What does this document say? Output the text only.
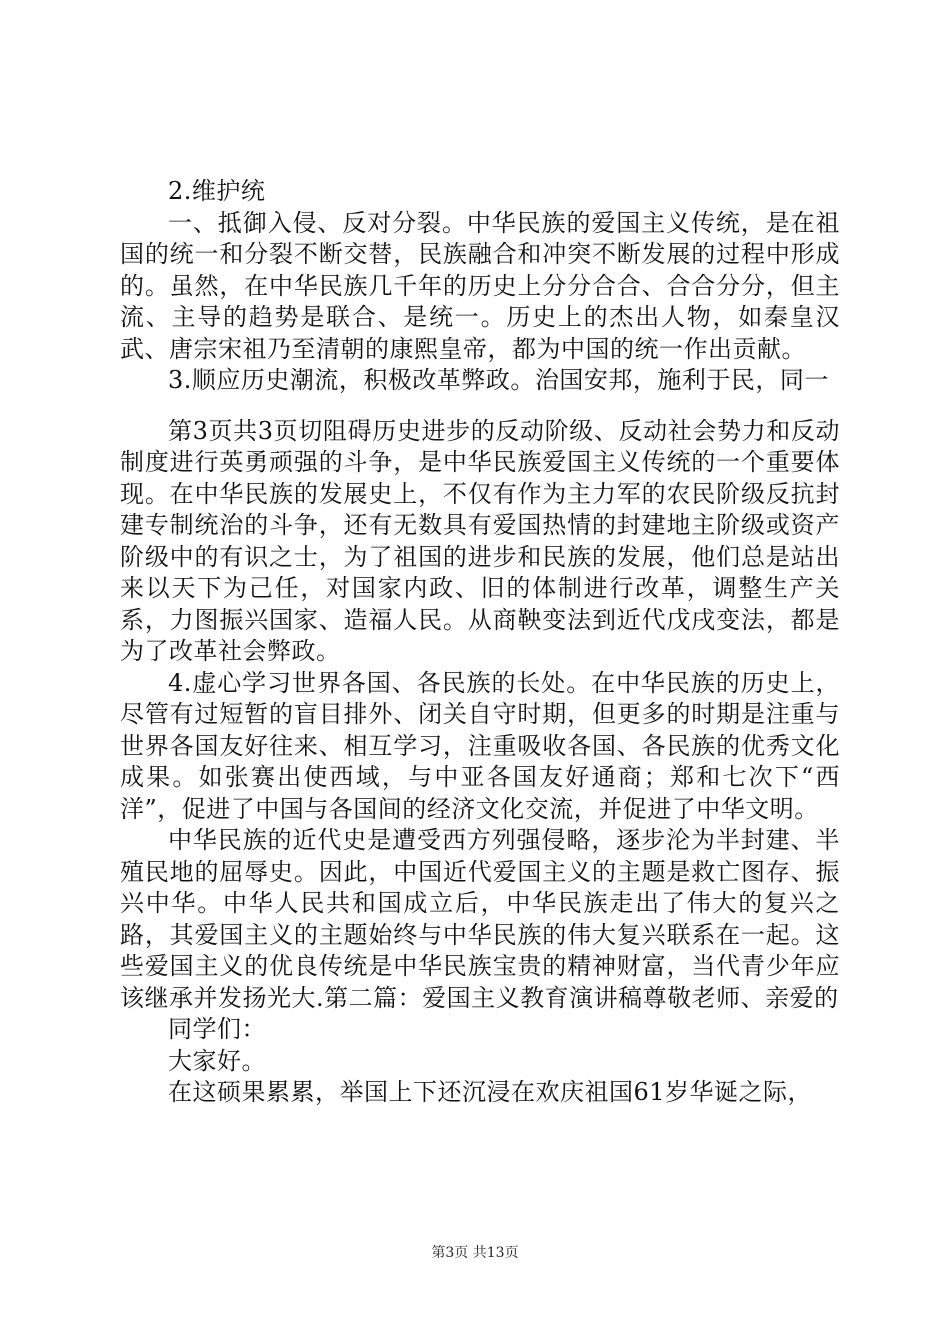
2.维护统

一、抵御入侵、反对分裂。中华民族的爱国主义传统，是在祖国的统一和分裂不断交替，民族融合和冲突不断发展的过程中形成的。虽然，在中华民族几千年的历史上分分合合、合合分分，但主流、主导的趋势是联合、是统一。历史上的杰出人物，如秦皇汉武、唐宗宋祖乃至清朝的康熙皇帝，都为中国的统一作出贡献。

3.顺应历史潮流，积极改革弊政。治国安邦，施利于民，同一

第3页共3页切阻碍历史进步的反动阶级、反动社会势力和反动制度进行英勇顽强的斗争，是中华民族爱国主义传统的一个重要体现。在中华民族的发展史上，不仅有作为主力军的农民阶级反抗封建专制统治的斗争，还有无数具有爱国热情的封建地主阶级或资产阶级中的有识之士，为了祖国的进步和民族的发展，他们总是站出来以天下为己任，对国家内政、旧的体制进行改革，调整生产关系，力图振兴国家、造福人民。从商鞅变法到近代戊戌变法，都是为了改革社会弊政。

4.虚心学习世界各国、各民族的长处。在中华民族的历史上，尽管有过短暂的盲目排外、闭关自守时期，但更多的时期是注重与世界各国友好往来、相互学习，注重吸收各国、各民族的优秀文化成果。如张赛出使西域，与中亚各国友好通商；郑和七次下“西洋”，促进了中国与各国间的经济文化交流，并促进了中华文明。

中华民族的近代史是遭受西方列强侵略，逐步沦为半封建、半殖民地的屈辱史。因此，中国近代爱国主义的主题是救亡图存、振兴中华。中华人民共和国成立后，中华民族走出了伟大的复兴之路，其爱国主义的主题始终与中华民族的伟大复兴联系在一起。这些爱国主义的优良传统是中华民族宝贵的精神财富，当代青少年应该继承并发扬光大.第二篇：爱国主义教育演讲稿尊敬老师、亲爱的

同学们：

大家好。

在这硕果累累，举国上下还沉浸在欢庆祖国61岁华诞之际，

第3页 共13页
